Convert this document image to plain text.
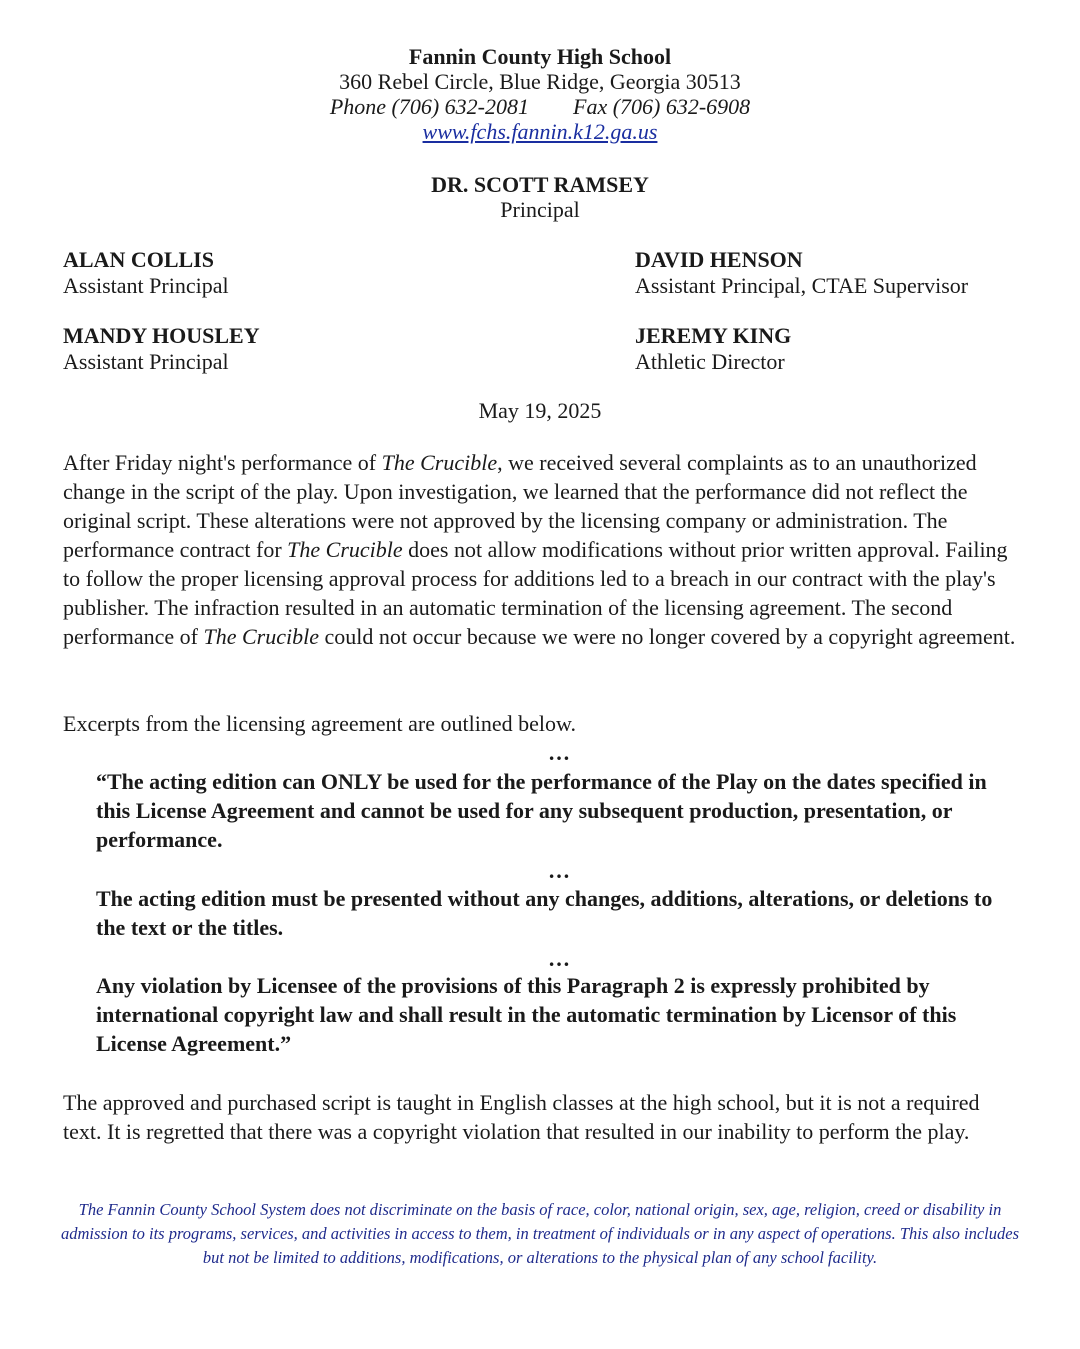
Fannin County High School
360 Rebel Circle, Blue Ridge, Georgia 30513
Phone (706) 632-2081 Fax (706) 632-6908
www.fchs.fannin.k12.ga.us
DR. SCOTT RAMSEY
Principal
ALAN COLLIS
Assistant Principal
DAVID HENSON
Assistant Principal, CTAE Supervisor
MANDY HOUSLEY
Assistant Principal
JEREMY KING
Athletic Director
May 19, 2025
After Friday night's performance of The Crucible, we received several complaints as to an unauthorized change in the script of the play. Upon investigation, we learned that the performance did not reflect the original script. These alterations were not approved by the licensing company or administration. The performance contract for The Crucible does not allow modifications without prior written approval. Failing to follow the proper licensing approval process for additions led to a breach in our contract with the play's publisher. The infraction resulted in an automatic termination of the licensing agreement. The second performance of The Crucible could not occur because we were no longer covered by a copyright agreement.
Excerpts from the licensing agreement are outlined below.
…
“The acting edition can ONLY be used for the performance of the Play on the dates specified in this License Agreement and cannot be used for any subsequent production, presentation, or performance.
…
The acting edition must be presented without any changes, additions, alterations, or deletions to the text or the titles.
…
Any violation by Licensee of the provisions of this Paragraph 2 is expressly prohibited by international copyright law and shall result in the automatic termination by Licensor of this License Agreement.”
The approved and purchased script is taught in English classes at the high school, but it is not a required text. It is regretted that there was a copyright violation that resulted in our inability to perform the play.
The Fannin County School System does not discriminate on the basis of race, color, national origin, sex, age, religion, creed or disability in admission to its programs, services, and activities in access to them, in treatment of individuals or in any aspect of operations. This also includes but not be limited to additions, modifications, or alterations to the physical plan of any school facility.
